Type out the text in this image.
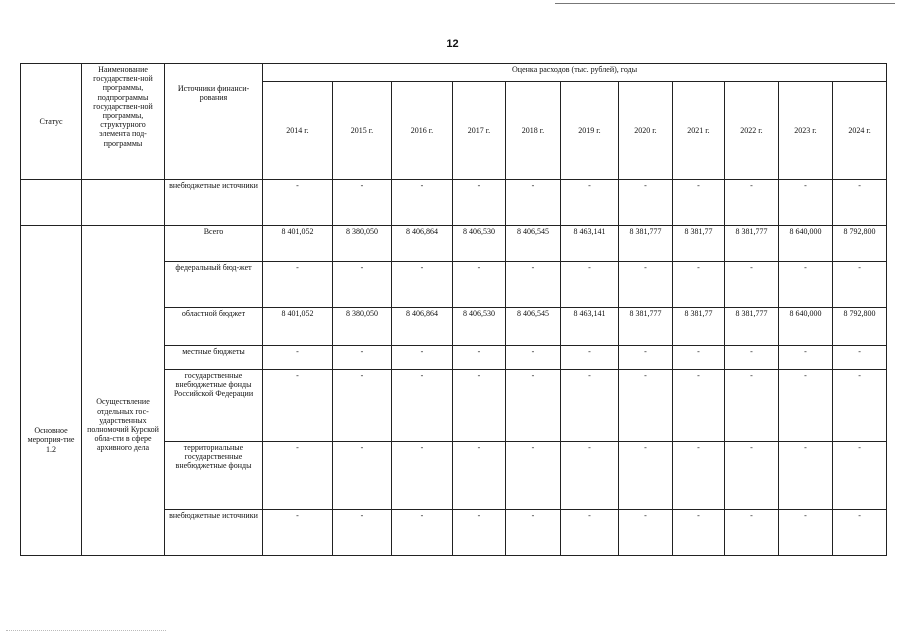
12
Статус	Наименование государствен-ной программы, подпрограммы государствен-ной программы, структурного элемента под-программы	Источники финанси-рования	Оценка расходов (тыс. рублей), годы										
			2014 г.	2015 г.	2016 г.	2017 г.	2018 г.	2019 г.	2020 г.	2021 г.	2022 г.	2023 г.	2024 г.
		внебюджетные источники	-	-	-	-	-	-	-	-	-	-	-
Основное мероприя-тие 1.2	Осуществление отдельных гос-ударственных полномочий Курской обла-сти в сфере архивного дела	Всего	8 401,052	8 380,050	8 406,864	8 406,530	8 406,545	8 463,141	8 381,777	8 381,77	8 381,777	8 640,000	8 792,800
		федеральный бюд-жет	-	-	-	-	-	-	-	-	-	-	-
		областной бюджет	8 401,052	8 380,050	8 406,864	8 406,530	8 406,545	8 463,141	8 381,777	8 381,77	8 381,777	8 640,000	8 792,800
		местные бюджеты	-	-	-	-	-	-	-	-	-	-	-
		государственные внебюджетные фонды Российской Федерации	-	-	-	-	-	-	-	-	-	-	-
		территориальные государственные внебюджетные фонды	-	-	-	-	-	-	-	-	-	-	-
		внебюджетные источники	-	-	-	-	-	-	-	-	-	-	-
